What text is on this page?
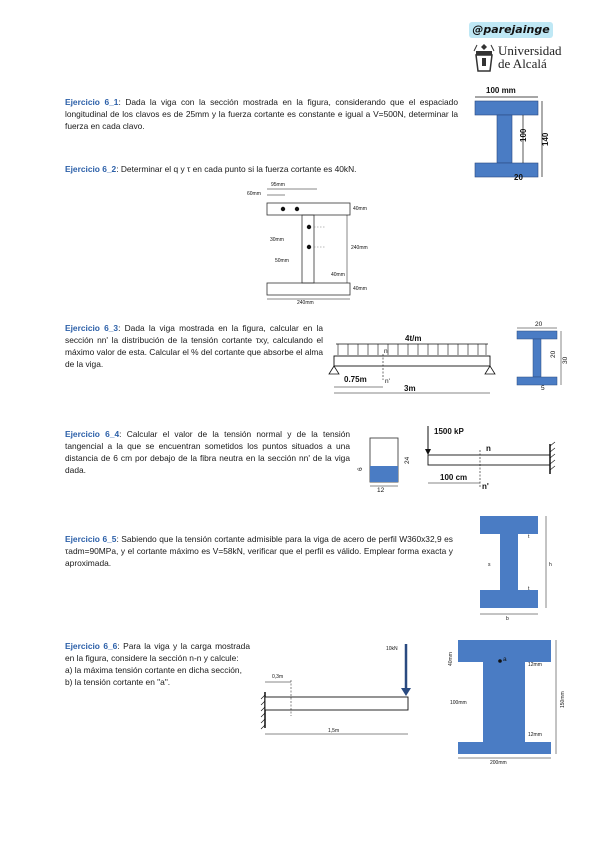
@parejainge
Universidad
de Alcalá
Ejercicio 6_1: Dada la viga con la sección mostrada en la figura, considerando que el espaciado longitudinal de los clavos es de 25mm y la fuerza cortante es constante e igual a V=500N, determinar la fuerza en cada clavo.
100 mm
100 140
20
Ejercicio 6_2: Determinar el q y τ en cada punto si la fuerza cortante es 40kN.
95mm
60mm
40mm
30mm
50mm
240mm
40mm
40mm
240mm
Ejercicio 6_3: Dada la viga mostrada en la figura, calcular en la sección nn' la distribución de la tensión cortante τxy, calculando el máximo valor de esta. Calcular el % del cortante que absorbe el alma de la viga.
4t/m
n
n'
0.75m
3m
20
20
30
5
Ejercicio 6_4: Calcular el valor de la tensión normal y de la tensión tangencial a la que se encuentran sometidos los puntos situados a una distancia de 6 cm por debajo de la fibra neutra en la sección nn' de la viga dada.
24
6
12
1500 kP
n
100 cm
n'
Ejercicio 6_5: Sabiendo que la tensión cortante admisible para la viga de acero de perfil W360x32,9 es τadm=90MPa, y el cortante máximo es V=58kN, verificar que el perfil es válido. Emplear forma exacta y aproximada.
t
t
s	h
b
Ejercicio 6_6: Para la viga y la carga mostrada en la figura, considere la sección n-n y calcule:
a) la máxima tensión cortante en dicha sección,
b) la tensión cortante en "a".
10kN
0,3m
1,5m
a
40mm	12mm
100mm	150mm
12mm
200mm
